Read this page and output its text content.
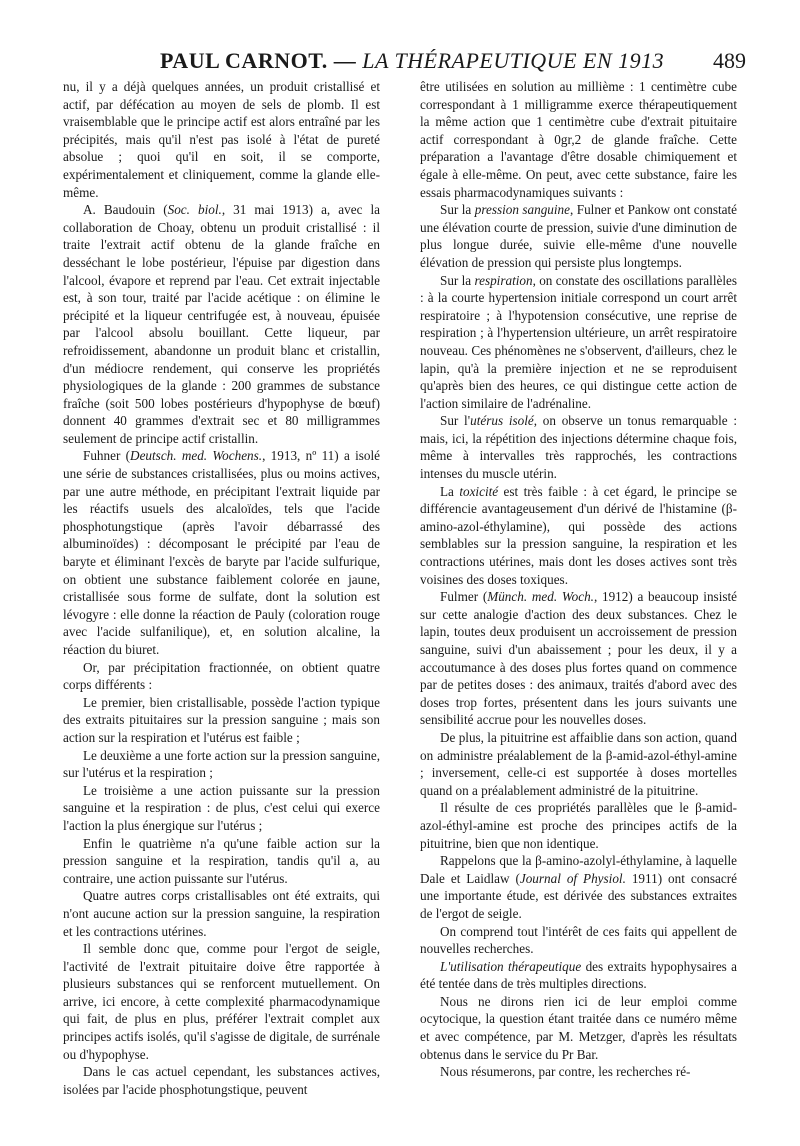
PAUL CARNOT. — LA THÉRAPEUTIQUE EN 1913 489

nu, il y a déjà quelques années, un produit cristallisé et actif, par défécation au moyen de sels de plomb. Il est vraisemblable que le principe actif est alors entraîné par les précipités, mais qu'il n'est pas isolé à l'état de pureté absolue ; quoi qu'il en soit, il se comporte, expérimentalement et cliniquement, comme la glande elle-même.

A. Baudouin (Soc. biol., 31 mai 1913) a, avec la collaboration de Choay, obtenu un produit cristallisé : il traite l'extrait actif obtenu de la glande fraîche en desséchant le lobe postérieur, l'épuise par digestion dans l'alcool, évapore et reprend par l'eau. Cet extrait injectable est, à son tour, traité par l'acide acétique : on élimine le précipité et la liqueur centrifugée est, à nouveau, épuisée par l'alcool absolu bouillant. Cette liqueur, par refroidissement, abandonne un produit blanc et cristallin, d'un médiocre rendement, qui conserve les propriétés physiologiques de la glande : 200 grammes de substance fraîche (soit 500 lobes postérieurs d'hypophyse de bœuf) donnent 40 grammes d'extrait sec et 80 milligrammes seulement de principe actif cristallin.

Fuhner (Deutsch. med. Wochens., 1913, nº 11) a isolé une série de substances cristallisées, plus ou moins actives, par une autre méthode, en précipitant l'extrait liquide par les réactifs usuels des alcaloïdes, tels que l'acide phosphotungstique (après l'avoir débarrassé des albuminoïdes) : décomposant le précipité par l'eau de baryte et éliminant l'excès de baryte par l'acide sulfurique, on obtient une substance faiblement colorée en jaune, cristallisée sous forme de sulfate, dont la solution est lévogyre : elle donne la réaction de Pauly (coloration rouge avec l'acide sulfanilique), et, en solution alcaline, la réaction du biuret.

Or, par précipitation fractionnée, on obtient quatre corps différents :

Le premier, bien cristallisable, possède l'action typique des extraits pituitaires sur la pression sanguine ; mais son action sur la respiration et l'utérus est faible ;

Le deuxième a une forte action sur la pression sanguine, sur l'utérus et la respiration ;

Le troisième a une action puissante sur la pression sanguine et la respiration : de plus, c'est celui qui exerce l'action la plus énergique sur l'utérus ;

Enfin le quatrième n'a qu'une faible action sur la pression sanguine et la respiration, tandis qu'il a, au contraire, une action puissante sur l'utérus.

Quatre autres corps cristallisables ont été extraits, qui n'ont aucune action sur la pression sanguine, la respiration et les contractions utérines.

Il semble donc que, comme pour l'ergot de seigle, l'activité de l'extrait pituitaire doive être rapportée à plusieurs substances qui se renforcent mutuellement. On arrive, ici encore, à cette complexité pharmacodynamique qui fait, de plus en plus, préférer l'extrait complet aux principes actifs isolés, qu'il s'agisse de digitale, de surrénale ou d'hypophyse.

Dans le cas actuel cependant, les substances actives, isolées par l'acide phosphotungstique, peuvent

être utilisées en solution au millième : 1 centimètre cube correspondant à 1 milligramme exerce thérapeutiquement la même action que 1 centimètre cube d'extrait pituitaire actif correspondant à 0gr,2 de glande fraîche. Cette préparation a l'avantage d'être dosable chimiquement et égale à elle-même. On peut, avec cette substance, faire les essais pharmacodynamiques suivants :

Sur la pression sanguine, Fulner et Pankow ont constaté une élévation courte de pression, suivie d'une diminution de plus longue durée, suivie elle-même d'une nouvelle élévation de pression qui persiste plus longtemps.

Sur la respiration, on constate des oscillations parallèles : à la courte hypertension initiale correspond un court arrêt respiratoire ; à l'hypotension consécutive, une reprise de respiration ; à l'hypertension ultérieure, un arrêt respiratoire nouveau. Ces phénomènes ne s'observent, d'ailleurs, chez le lapin, qu'à la première injection et ne se reproduisent qu'après bien des heures, ce qui distingue cette action de l'action similaire de l'adrénaline.

Sur l'utérus isolé, on observe un tonus remarquable : mais, ici, la répétition des injections détermine chaque fois, même à intervalles très rapprochés, les contractions intenses du muscle utérin.

La toxicité est très faible : à cet égard, le principe se différencie avantageusement d'un dérivé de l'histamine (β-amino-azol-éthylamine), qui possède des actions semblables sur la pression sanguine, la respiration et les contractions utérines, mais dont les doses actives sont très voisines des doses toxiques.

Fulmer (Münch. med. Woch., 1912) a beaucoup insisté sur cette analogie d'action des deux substances. Chez le lapin, toutes deux produisent un accroissement de pression sanguine, suivi d'un abaissement ; pour les deux, il y a accoutumance à des doses plus fortes quand on commence par de petites doses : des animaux, traités d'abord avec des doses trop fortes, présentent dans les jours suivants une sensibilité accrue pour les nouvelles doses.

De plus, la pituitrine est affaiblie dans son action, quand on administre préalablement de la β-amid-azol-éthyl-amine ; inversement, celle-ci est supportée à doses mortelles quand on a préalablement administré de la pituitrine.

Il résulte de ces propriétés parallèles que le β-amid-azol-éthyl-amine est proche des principes actifs de la pituitrine, bien que non identique.

Rappelons que la β-amino-azolyl-éthylamine, à laquelle Dale et Laidlaw (Journal of Physiol. 1911) ont consacré une importante étude, est dérivée des substances extraites de l'ergot de seigle.

On comprend tout l'intérêt de ces faits qui appellent de nouvelles recherches.

L'utilisation thérapeutique des extraits hypophysaires a été tentée dans de très multiples directions.

Nous ne dirons rien ici de leur emploi comme ocytocique, la question étant traitée dans ce numéro même et avec compétence, par M. Metzger, d'après les résultats obtenus dans le service du Pr Bar.

Nous résumerons, par contre, les recherches ré-
